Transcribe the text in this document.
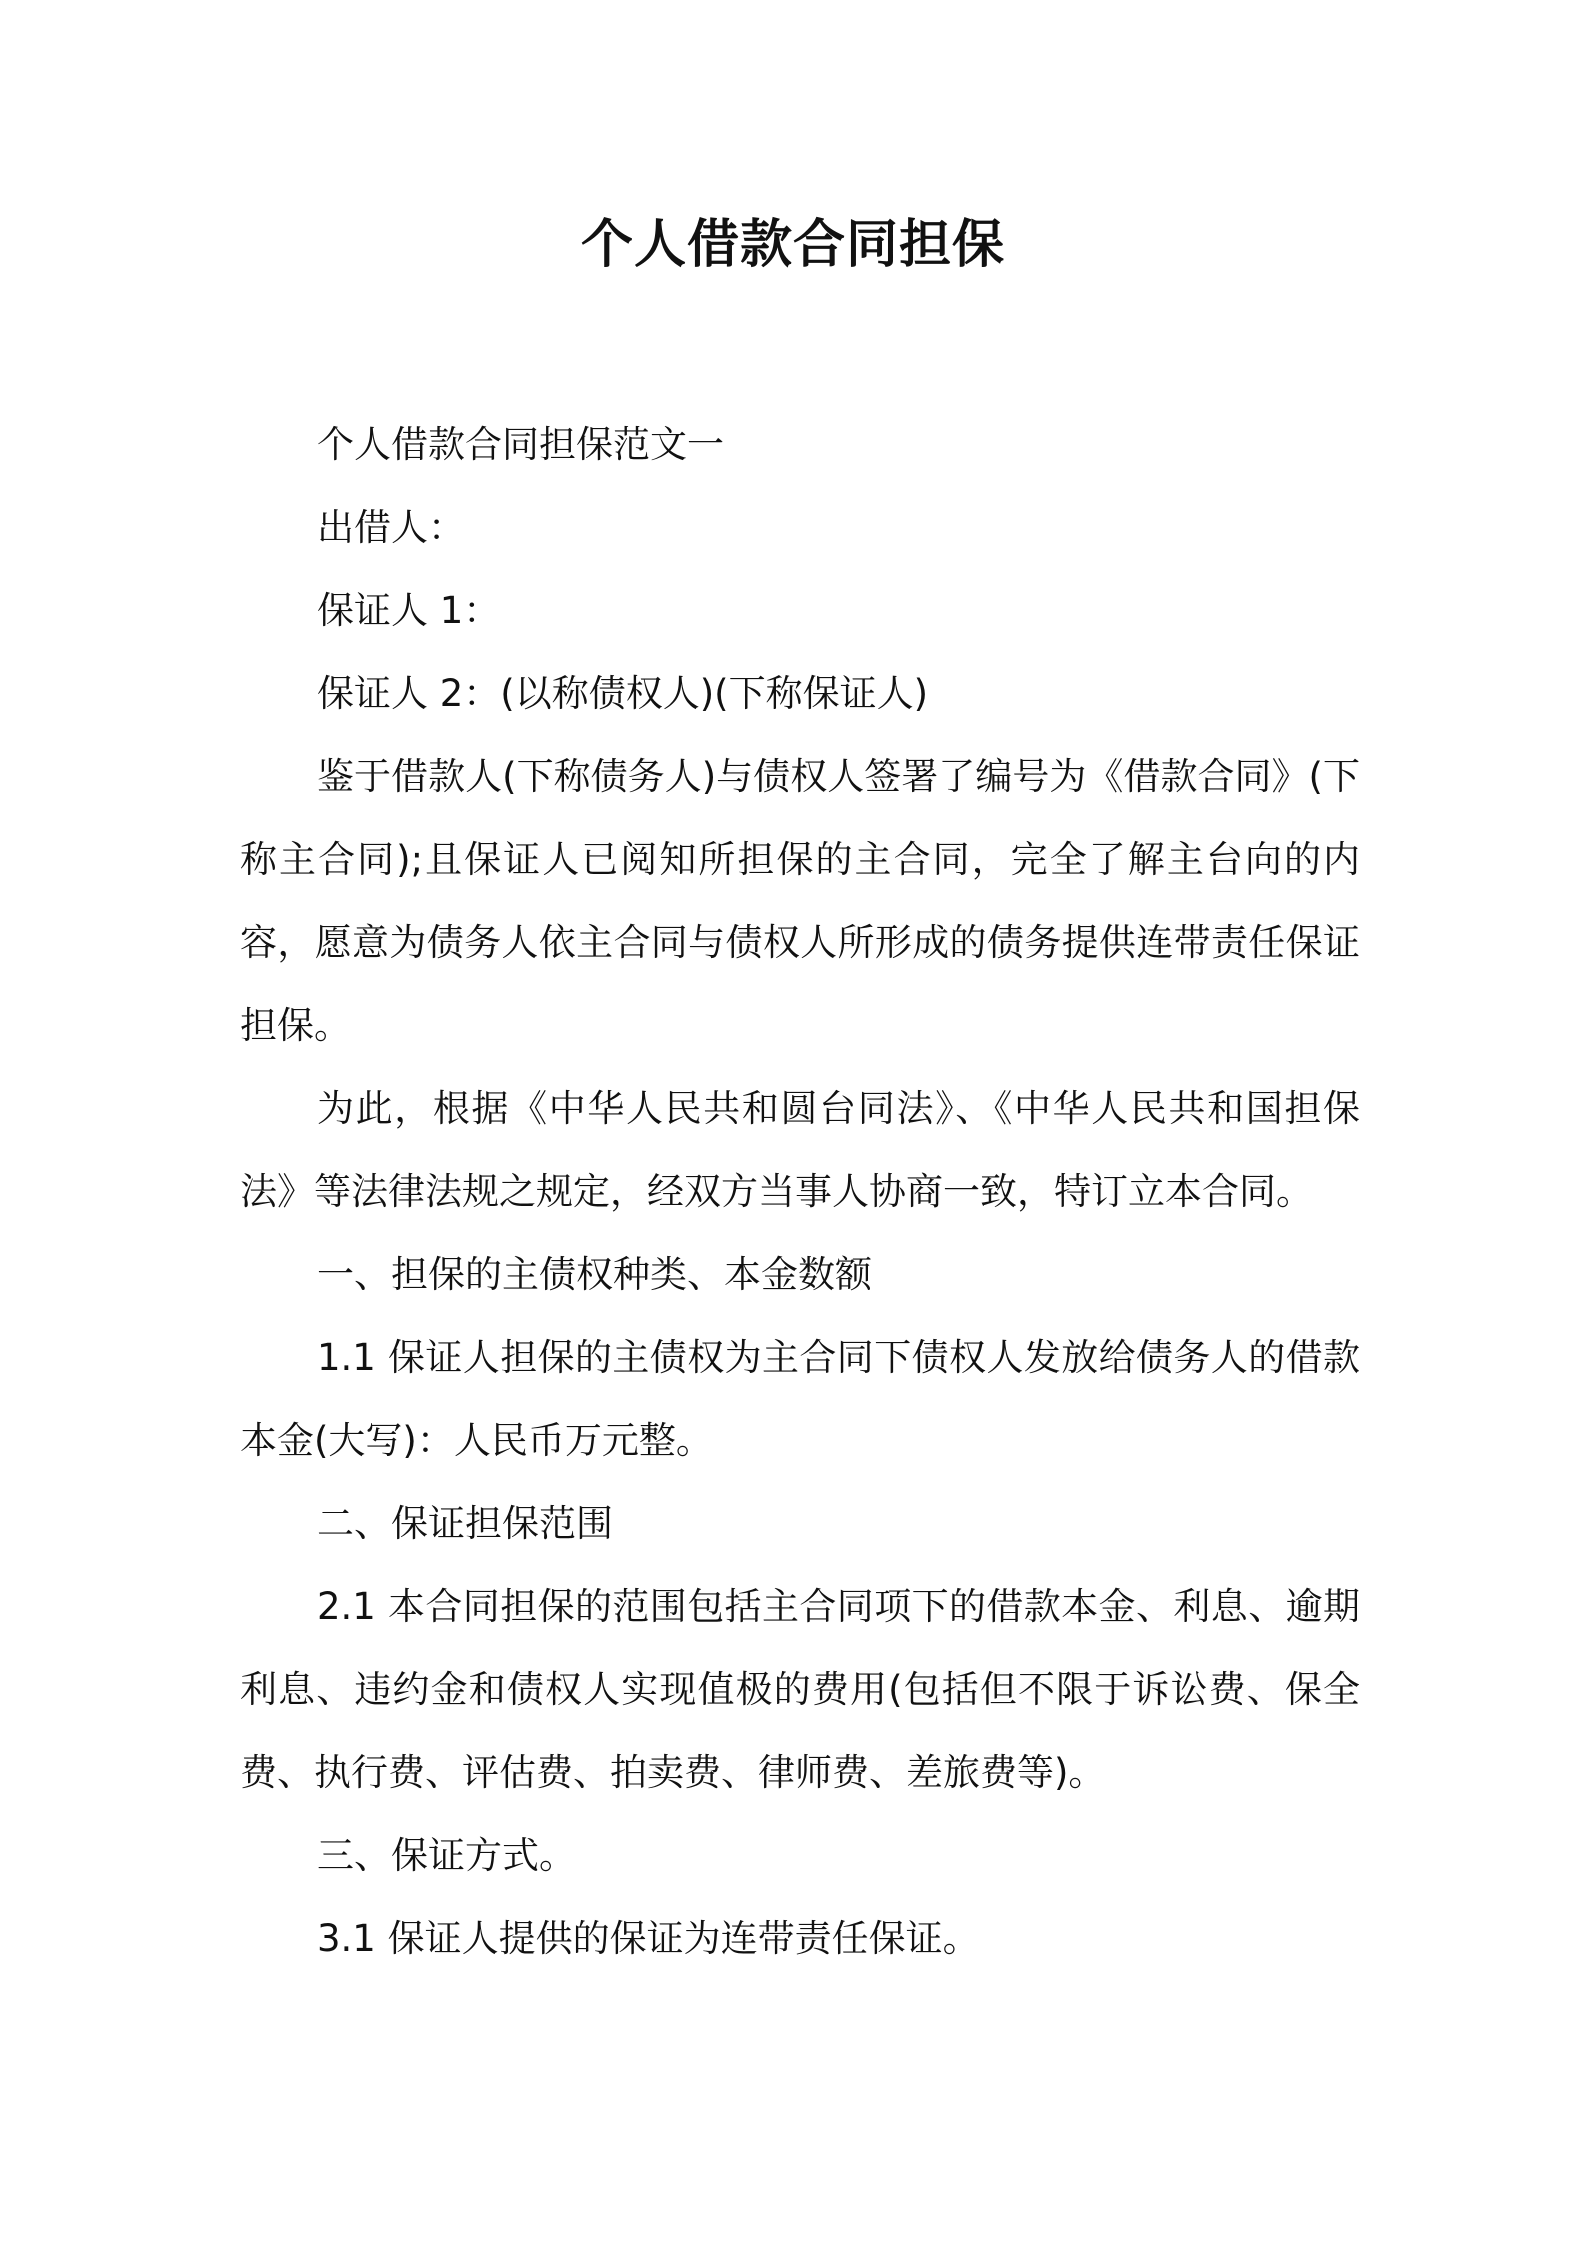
个人借款合同担保

个人借款合同担保范文一

出借人：

保证人 1：

保证人 2：(以称债权人)(下称保证人)

鉴于借款人(下称债务人)与债权人签署了编号为《借款合同》(下称主合同);且保证人已阅知所担保的主合同，完全了解主台向的内容，愿意为债务人依主合同与债权人所形成的债务提供连带责任保证担保。

为此，根据《中华人民共和圆台同法》、《中华人民共和国担保法》等法律法规之规定，经双方当事人协商一致，特订立本合同。

一、担保的主债权种类、本金数额

1.1 保证人担保的主债权为主合同下债权人发放给债务人的借款本金(大写)：人民币万元整。

二、保证担保范围

2.1 本合同担保的范围包括主合同项下的借款本金、利息、逾期利息、违约金和债权人实现值极的费用(包括但不限于诉讼费、保全费、执行费、评估费、拍卖费、律师费、差旅费等)。

三、保证方式。

3.1 保证人提供的保证为连带责任保证。
